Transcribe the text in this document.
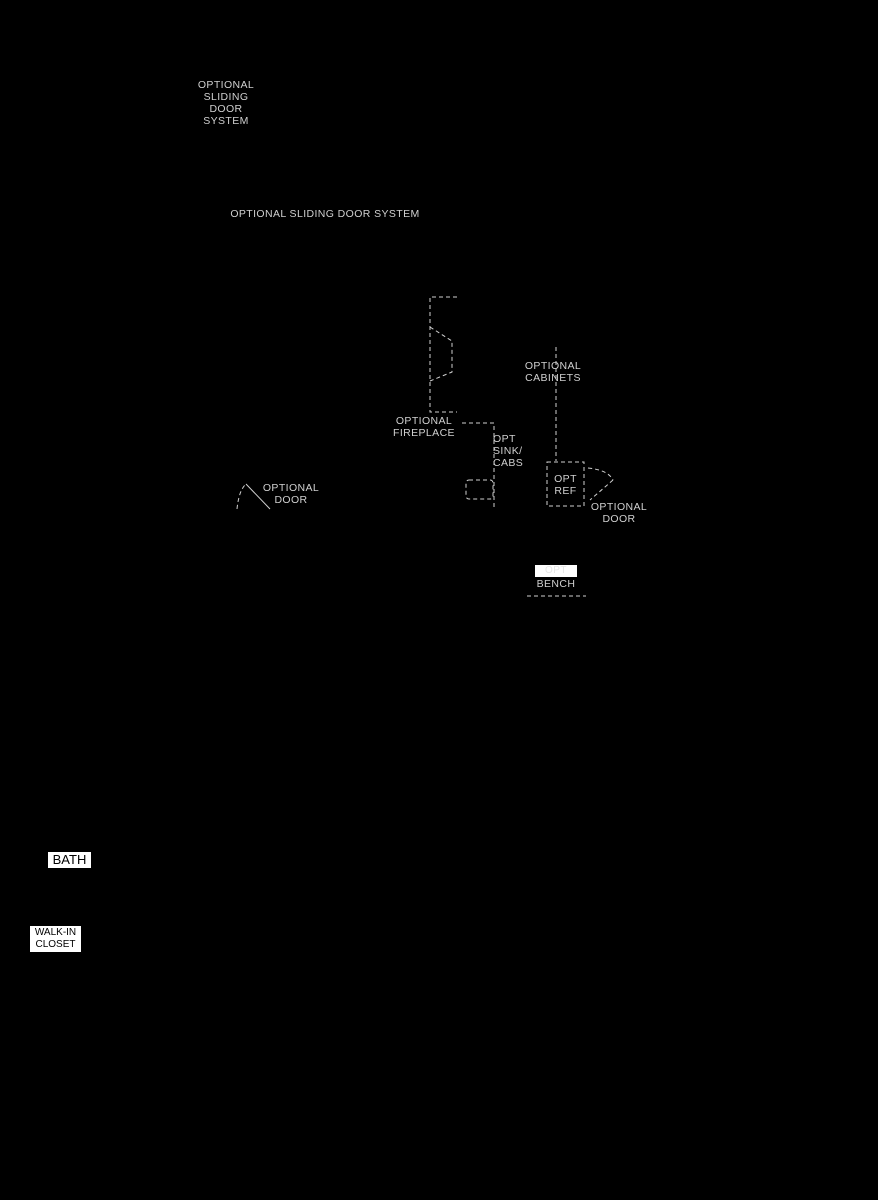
OPTIONAL
SLIDING
DOOR
SYSTEM
OPTIONAL SLIDING DOOR SYSTEM
OPTIONAL
CABINETS
OPTIONAL
FIREPLACE	OPT
SINK/
CABS
OPT
REF
OPTIONAL
DOOR
OPTIONAL
DOOR
OPT
BENCH
BATH
WALK-IN
CLOSET
